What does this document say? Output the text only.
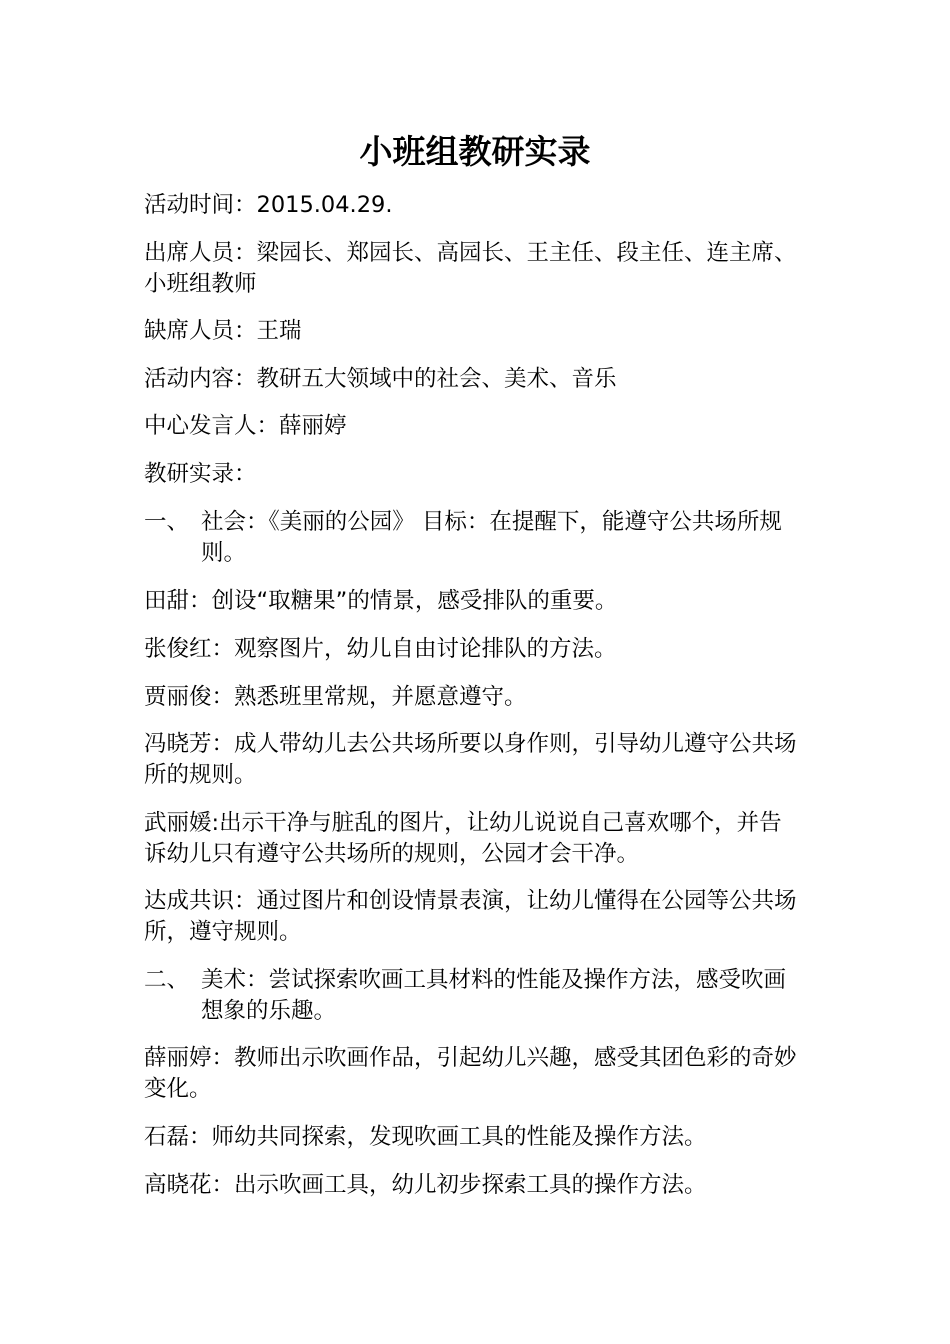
小班组教研实录

活动时间：2015.04.29.

出席人员：梁园长、郑园长、高园长、王主任、段主任、连主席、小班组教师

缺席人员：王瑞

活动内容：教研五大领域中的社会、美术、音乐

中心发言人：薛丽婷

教研实录：

一、 社会：《美丽的公园》 目标：在提醒下，能遵守公共场所规则。

田甜：创设“取糖果”的情景，感受排队的重要。

张俊红：观察图片，幼儿自由讨论排队的方法。

贾丽俊：熟悉班里常规，并愿意遵守。

冯晓芳：成人带幼儿去公共场所要以身作则，引导幼儿遵守公共场所的规则。

武丽媛:出示干净与脏乱的图片，让幼儿说说自己喜欢哪个，并告诉幼儿只有遵守公共场所的规则，公园才会干净。

达成共识：通过图片和创设情景表演，让幼儿懂得在公园等公共场所，遵守规则。

二、 美术：尝试探索吹画工具材料的性能及操作方法，感受吹画想象的乐趣。

薛丽婷：教师出示吹画作品，引起幼儿兴趣，感受其团色彩的奇妙变化。

石磊：师幼共同探索，发现吹画工具的性能及操作方法。

高晓花：出示吹画工具，幼儿初步探索工具的操作方法。
